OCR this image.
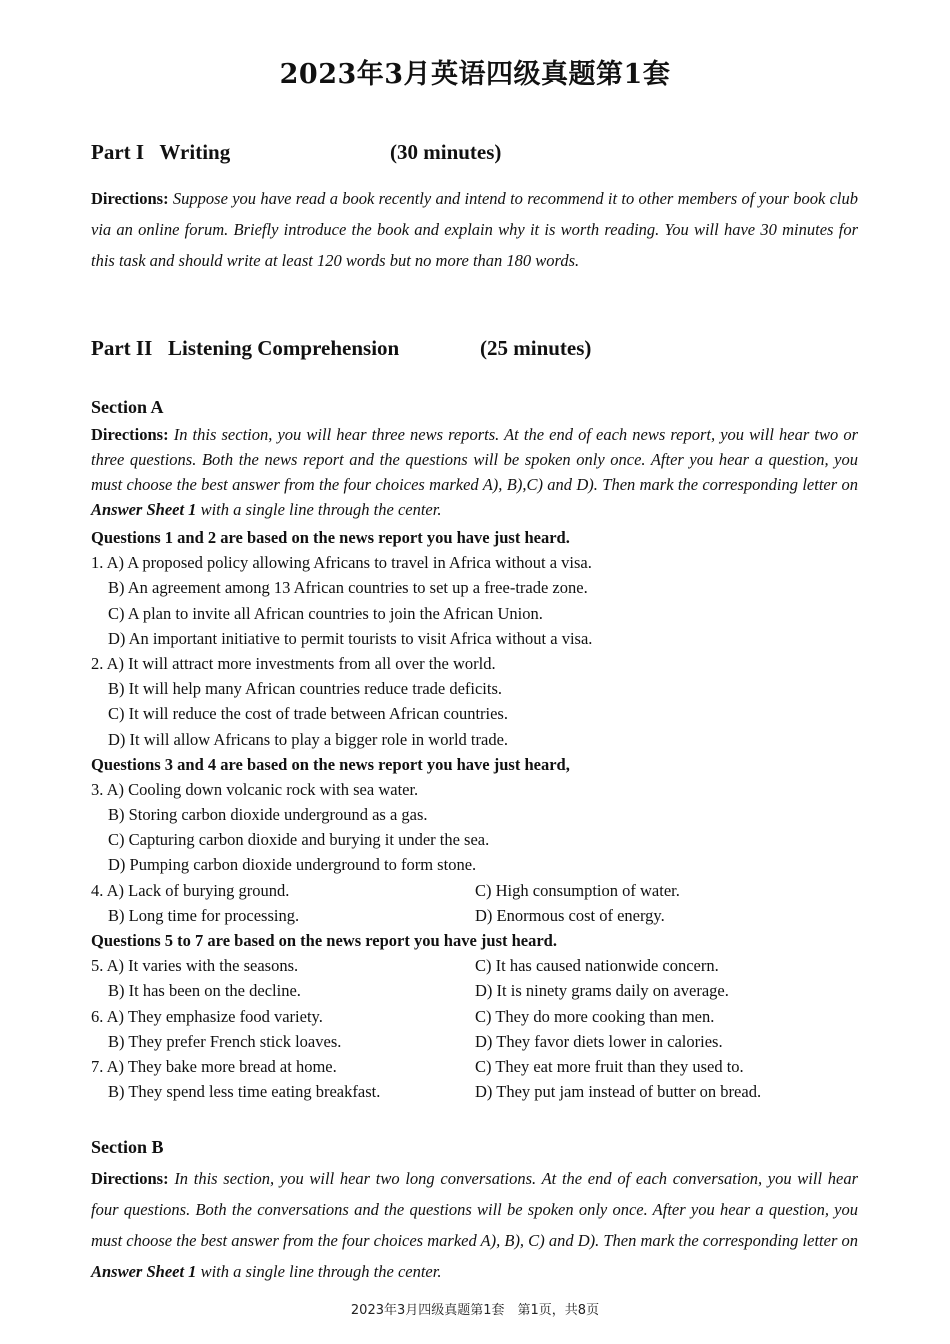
2023年3月英语四级真题第1套
Part I   Writing	(30 minutes)
Directions: Suppose you have read a book recently and intend to recommend it to other members of your book club via an online forum. Briefly introduce the book and explain why it is worth reading. You will have 30 minutes for this task and should write at least 120 words but no more than 180 words.
Part II   Listening Comprehension	(25 minutes)
Section A
Directions: In this section, you will hear three news reports. At the end of each news report, you will hear two or three questions. Both the news report and the questions will be spoken only once. After you hear a question, you must choose the best answer from the four choices marked A), B),C) and D). Then mark the corresponding letter on Answer Sheet 1 with a single line through the center.
Questions 1 and 2 are based on the news report you have just heard.
1. A) A proposed policy allowing Africans to travel in Africa without a visa.
B) An agreement among 13 African countries to set up a free-trade zone.
C) A plan to invite all African countries to join the African Union.
D) An important initiative to permit tourists to visit Africa without a visa.
2. A) It will attract more investments from all over the world.
B) It will help many African countries reduce trade deficits.
C) It will reduce the cost of trade between African countries.
D) It will allow Africans to play a bigger role in world trade.
Questions 3 and 4 are based on the news report you have just heard,
3. A) Cooling down volcanic rock with sea water.
B) Storing carbon dioxide underground as a gas.
C) Capturing carbon dioxide and burying it under the sea.
D) Pumping carbon dioxide underground to form stone.
4. A) Lack of burying ground.	C) High consumption of water.
B) Long time for processing.	D) Enormous cost of energy.
Questions 5 to 7 are based on the news report you have just heard.
5. A) It varies with the seasons.	C) It has caused nationwide concern.
B) It has been on the decline.	D) It is ninety grams daily on average.
6. A) They emphasize food variety.	C) They do more cooking than men.
B) They prefer French stick loaves.	D) They favor diets lower in calories.
7. A) They bake more bread at home.	C) They eat more fruit than they used to.
B) They spend less time eating breakfast.	D) They put jam instead of butter on bread.
Section B
Directions: In this section, you will hear two long conversations. At the end of each conversation, you will hear four questions. Both the conversations and the questions will be spoken only once. After you hear a question, you must choose the best answer from the four choices marked A), B), C) and D). Then mark the corresponding letter on Answer Sheet 1 with a single line through the center.
2023年3月四级真题第1套　第1页，共8页
